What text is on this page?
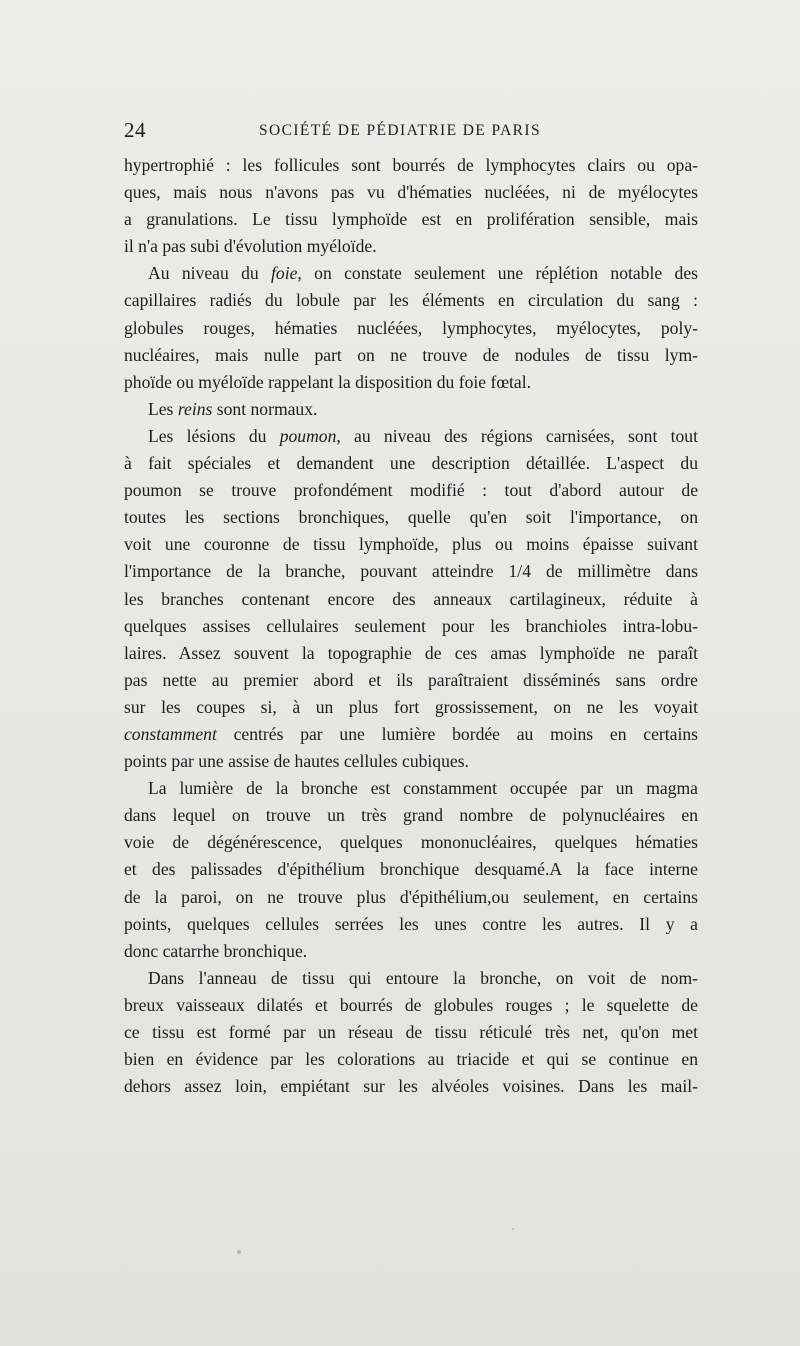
24	SOCIÉTÉ DE PÉDIATRIE DE PARIS
hypertrophié : les follicules sont bourrés de lymphocytes clairs ou opa-
ques, mais nous n'avons pas vu d'hématies nucléées, ni de myélocytes
a granulations. Le tissu lymphoïde est en prolifération sensible, mais
il n'a pas subi d'évolution myéloïde.
Au niveau du foie, on constate seulement une réplétion notable des
capillaires radiés du lobule par les éléments en circulation du sang :
globules rouges, hématies nucléées, lymphocytes, myélocytes, poly-
nucléaires, mais nulle part on ne trouve de nodules de tissu lym-
phoïde ou myéloïde rappelant la disposition du foie fœtal.
Les reins sont normaux.
Les lésions du poumon, au niveau des régions carnisées, sont tout
à fait spéciales et demandent une description détaillée. L'aspect du
poumon se trouve profondément modifié : tout d'abord autour de
toutes les sections bronchiques, quelle qu'en soit l'importance, on
voit une couronne de tissu lymphoïde, plus ou moins épaisse suivant
l'importance de la branche, pouvant atteindre 1/4 de millimètre dans
les branches contenant encore des anneaux cartilagineux, réduite à
quelques assises cellulaires seulement pour les branchioles intra-lobu-
laires. Assez souvent la topographie de ces amas lymphoïde ne paraît
pas nette au premier abord et ils paraîtraient disséminés sans ordre
sur les coupes si, à un plus fort grossissement, on ne les voyait
constamment centrés par une lumière bordée au moins en certains
points par une assise de hautes cellules cubiques.
La lumière de la bronche est constamment occupée par un magma
dans lequel on trouve un très grand nombre de polynucléaires en
voie de dégénérescence, quelques mononucléaires, quelques hématies
et des palissades d'épithélium bronchique desquamé.A la face interne
de la paroi, on ne trouve plus d'épithélium,ou seulement, en certains
points, quelques cellules serrées les unes contre les autres. Il y a
donc catarrhe bronchique.
Dans l'anneau de tissu qui entoure la bronche, on voit de nom-
breux vaisseaux dilatés et bourrés de globules rouges ; le squelette de
ce tissu est formé par un réseau de tissu réticulé très net, qu'on met
bien en évidence par les colorations au triacide et qui se continue en
dehors assez loin, empiétant sur les alvéoles voisines. Dans les mail-
